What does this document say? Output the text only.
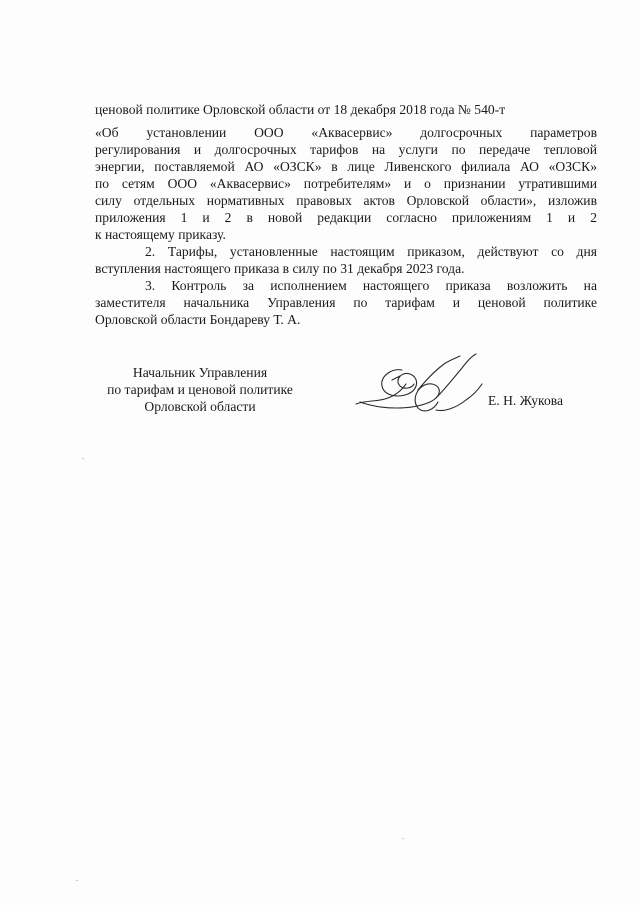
ценовой политике Орловской области от 18 декабря 2018 года № 540-т
«Об установлении ООО «Аквасервис» долгосрочных параметров
регулирования и долгосрочных тарифов на услуги по передаче тепловой
энергии, поставляемой АО «ОЗСК» в лице Ливенского филиала АО «ОЗСК»
по сетям ООО «Аквасервис» потребителям» и о признании утратившими
силу отдельных нормативных правовых актов Орловской области», изложив
приложения 1 и 2 в новой редакции согласно приложениям 1 и 2
к настоящему приказу.
2. Тарифы, установленные настоящим приказом, действуют со дня
вступления настоящего приказа в силу по 31 декабря 2023 года.
3. Контроль за исполнением настоящего приказа возложить на
заместителя начальника Управления по тарифам и ценовой политике
Орловской области Бондареву Т. А.
Начальник Управления
по тарифам и ценовой политике
Орловской области	Е. Н. Жукова
